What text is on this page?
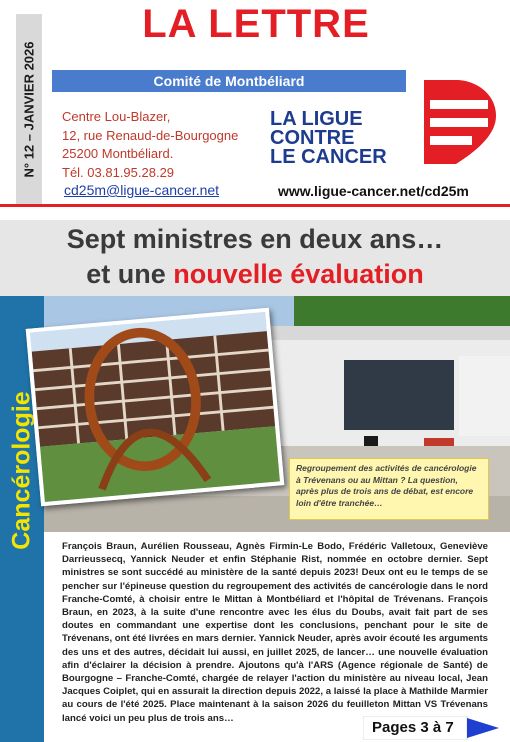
LA LETTRE
N° 12 – JANVIER 2026	Comité de Montbéliard
Centre Lou-Blazer,
12, rue Renaud-de-Bourgogne
25200 Montbéliard.
Tél. 03.81.95.28.29
LA LIGUE
CONTRE
LE CANCER
cd25m@ligue-cancer.net	www.ligue-cancer.net/cd25m
Sept ministres en deux ans…
et une nouvelle évaluation
Cancérologie	Regroupement des activités de cancérologie à Trévenans ou au Mittan ? La question, après plus de trois ans de débat, est encore loin d'être tranchée…
François Braun, Aurélien Rousseau, Agnès Firmin-Le Bodo, Frédéric Valletoux, Geneviève Darrieussecq, Yannick Neuder et enfin Stéphanie Rist, nommée en octobre dernier. Sept ministres se sont succédé au ministère de la santé depuis 2023! Deux ont eu le temps de se pencher sur l'épineuse question du regroupement des activités de cancérologie dans le nord Franche-Comté, à choisir entre le Mittan à Montbéliard et l'hôpital de Trévenans. François Braun, en 2023, à la suite d'une rencontre avec les élus du Doubs, avait fait part de ses doutes en commandant une expertise dont les conclusions, penchant pour le site de Trévenans, ont été livrées en mars dernier. Yannick Neuder, après avoir écouté les arguments des uns et des autres, décidait lui aussi, en juillet 2025, de lancer… une nouvelle évaluation afin d'éclairer la décision à prendre. Ajoutons qu'à l'ARS (Agence régionale de Santé) de Bourgogne – Franche-Comté, chargée de relayer l'action du ministère au niveau local, Jean Jacques Coiplet, qui en assurait la direction depuis 2022, a laissé la place à Mathilde Marmier au cours de l'été 2025. Place maintenant à la saison 2026 du feuilleton Mittan VS Trévenans lancé voici un peu plus de trois ans…
Pages 3 à 7
